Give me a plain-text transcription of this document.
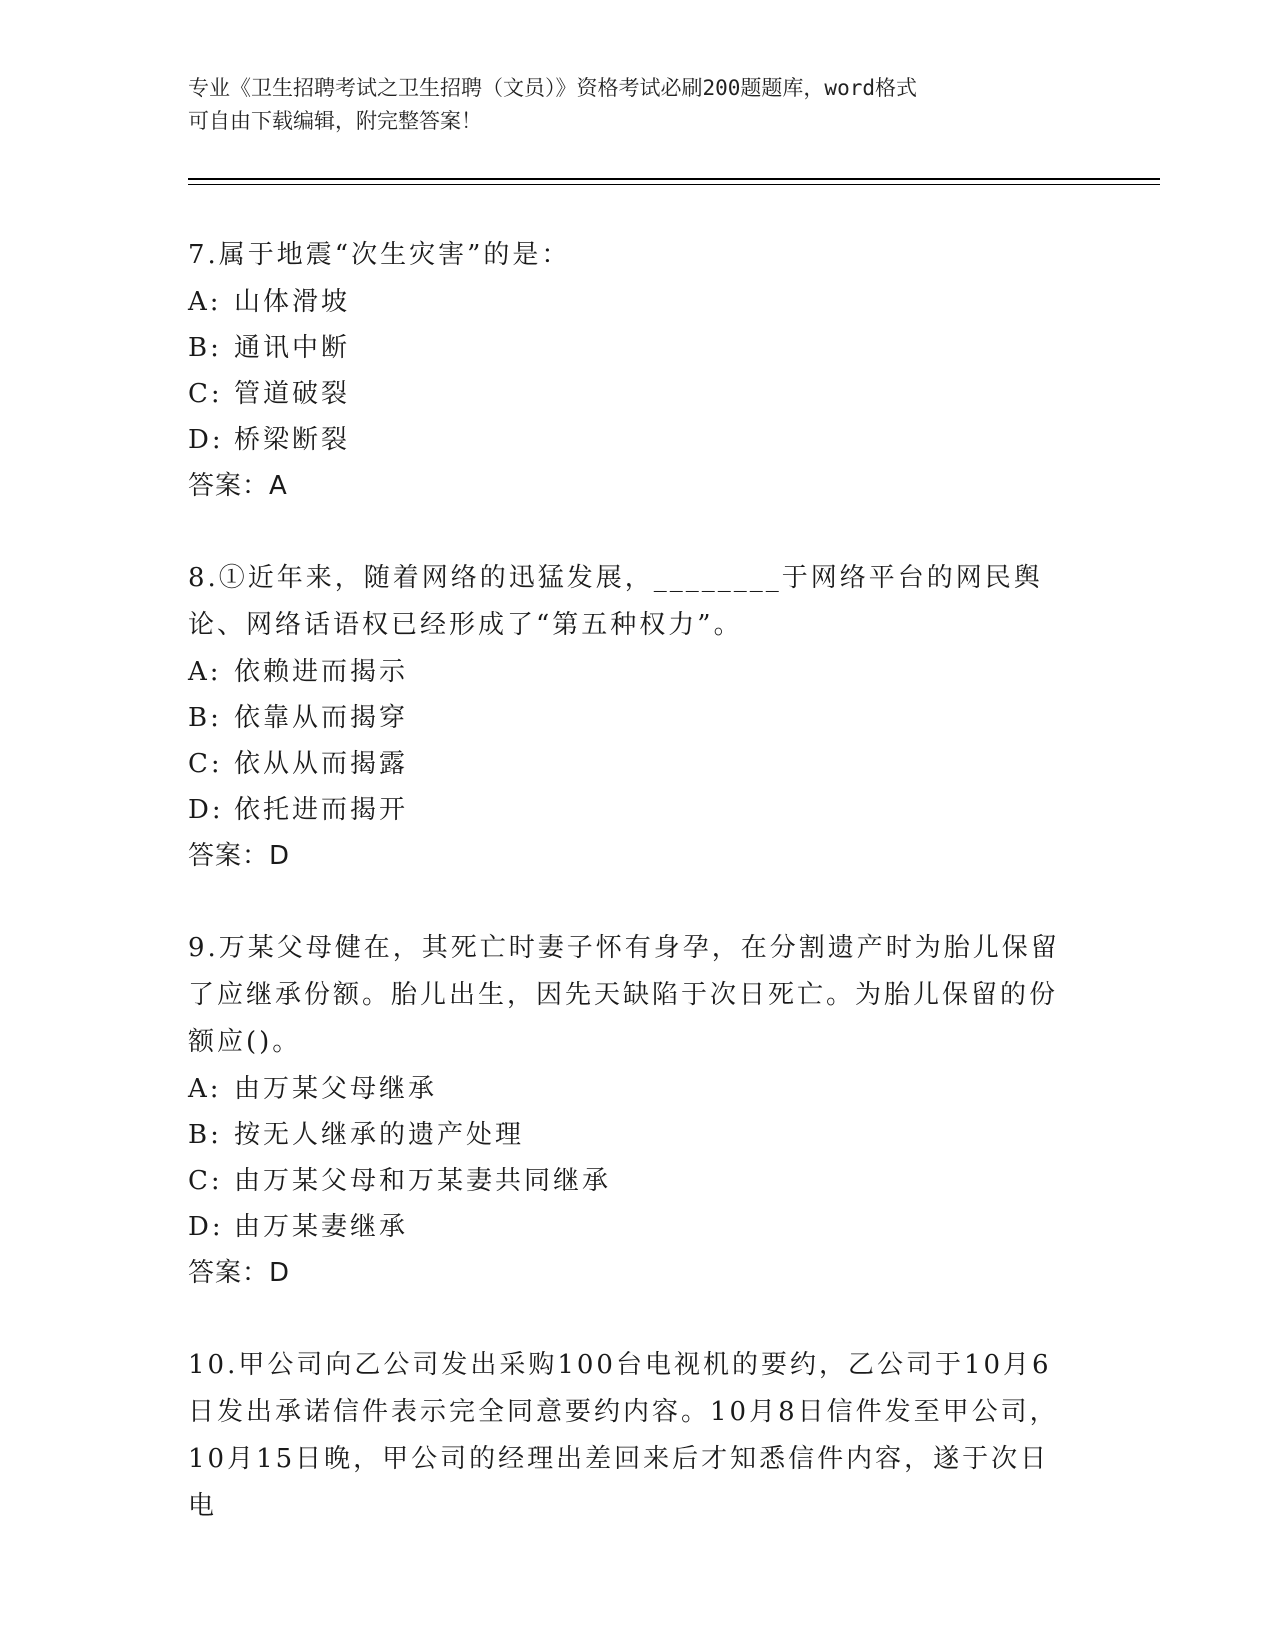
专业《卫生招聘考试之卫生招聘（文员）》资格考试必刷200题题库，word格式
可自由下载编辑，附完整答案！
7.属于地震“次生灾害”的是：
A: 山体滑坡
B: 通讯中断
C: 管道破裂
D: 桥梁断裂
答案：A
8.①近年来，随着网络的迅猛发展，________于网络平台的网民舆论、网络话语权已经形成了“第五种权力”。
A: 依赖进而揭示
B: 依靠从而揭穿
C: 依从从而揭露
D: 依托进而揭开
答案：D
9.万某父母健在，其死亡时妻子怀有身孕，在分割遗产时为胎儿保留了应继承份额。胎儿出生，因先天缺陷于次日死亡。为胎儿保留的份额应()。
A: 由万某父母继承
B: 按无人继承的遗产处理
C: 由万某父母和万某妻共同继承
D: 由万某妻继承
答案：D
10.甲公司向乙公司发出采购100台电视机的要约，乙公司于10月6日发出承诺信件表示完全同意要约内容。10月8日信件发至甲公司，10月15日晚，甲公司的经理出差回来后才知悉信件内容，遂于次日电
